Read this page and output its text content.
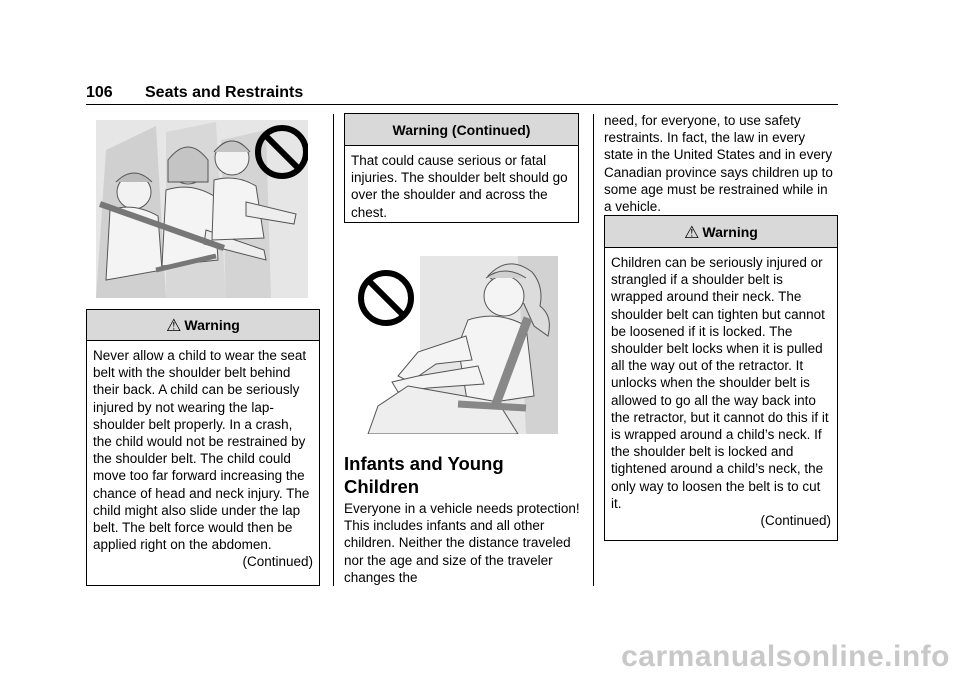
106 Seats and Restraints
⚠ Warning
Never allow a child to wear the seat belt with the shoulder belt behind their back. A child can be seriously injured by not wearing the lap-shoulder belt properly. In a crash, the child would not be restrained by the shoulder belt. The child could move too far forward increasing the chance of head and neck injury. The child might also slide under the lap belt. The belt force would then be applied right on the abdomen.
(Continued)
Warning (Continued)
That could cause serious or fatal injuries. The shoulder belt should go over the shoulder and across the chest.
Infants and Young
Children
Everyone in a vehicle needs protection! This includes infants and all other children. Neither the distance traveled nor the age and size of the traveler changes the
need, for everyone, to use safety restraints. In fact, the law in every state in the United States and in every Canadian province says children up to some age must be restrained while in a vehicle.
⚠ Warning
Children can be seriously injured or strangled if a shoulder belt is wrapped around their neck. The shoulder belt can tighten but cannot be loosened if it is locked. The shoulder belt locks when it is pulled all the way out of the retractor. It unlocks when the shoulder belt is allowed to go all the way back into the retractor, but it cannot do this if it is wrapped around a child’s neck. If the shoulder belt is locked and tightened around a child’s neck, the only way to loosen the belt is to cut it.
(Continued)
carmanualsonline.info
